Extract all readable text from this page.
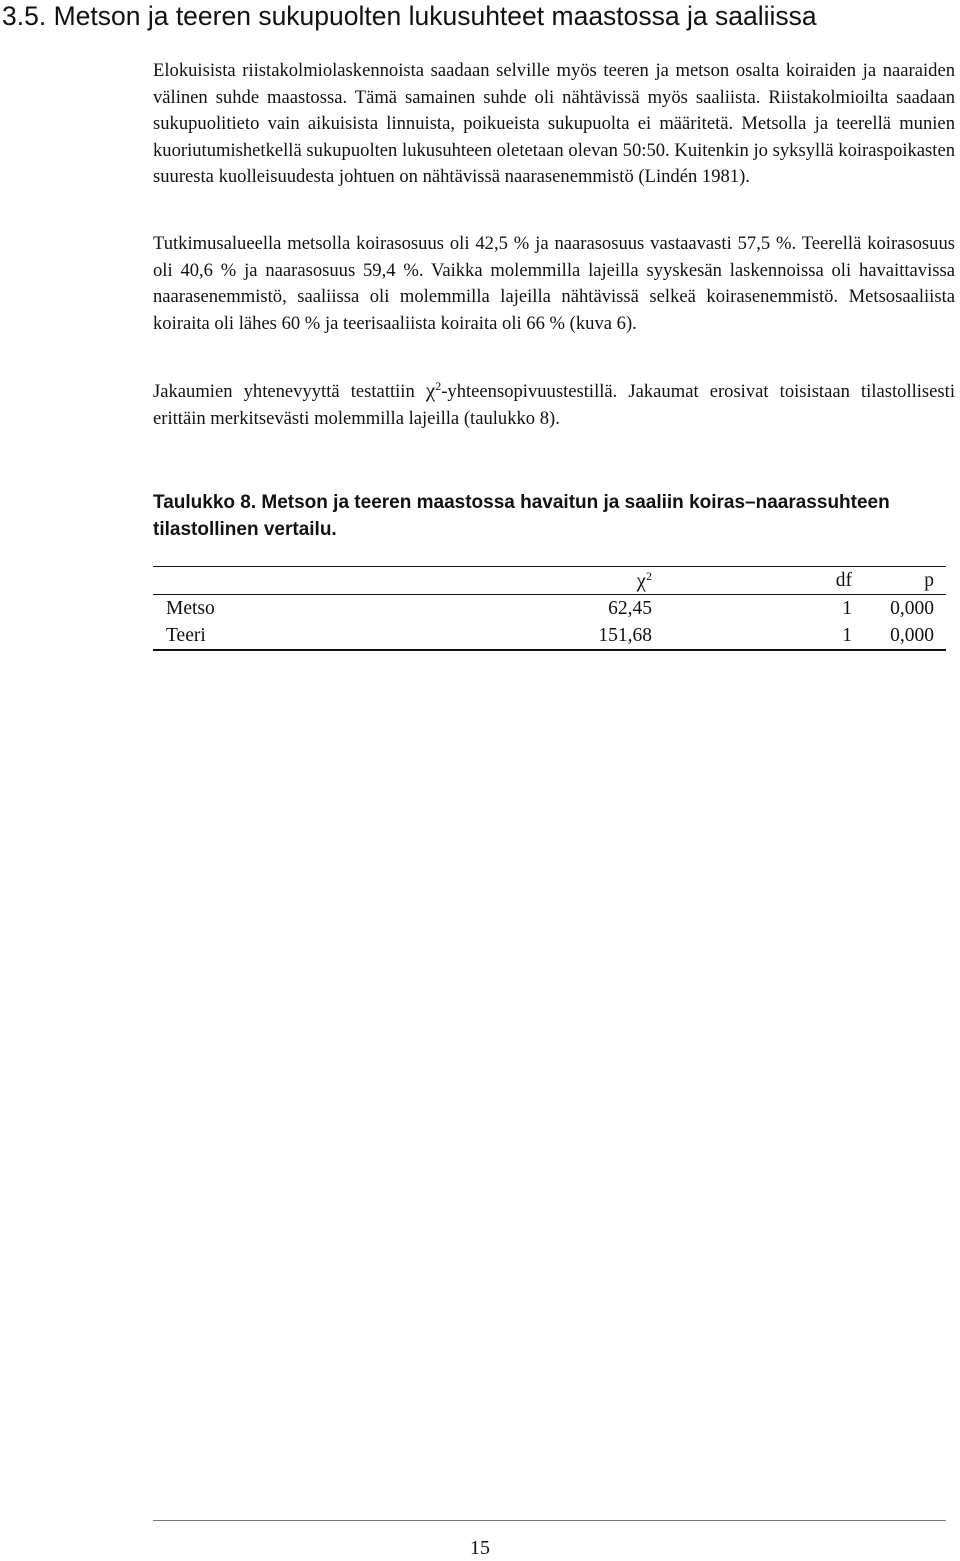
3.5. Metson ja teeren sukupuolten lukusuhteet maastossa ja saaliissa

Elokuisista riistakolmiolaskennoista saadaan selville myös teeren ja metson osalta koiraiden ja naaraiden välinen suhde maastossa. Tämä samainen suhde oli nähtävissä myös saaliista. Riistakolmioilta saadaan sukupuolitieto vain aikuisista linnuista, poikueista sukupuolta ei määritetä. Metsolla ja teerellä munien kuoriutumishetkellä sukupuolten lukusuhteen oletetaan olevan 50:50. Kuitenkin jo syksyllä koiraspoikasten suuresta kuolleisuudesta johtuen on nähtävissä naarasenemmistö (Lindén 1981).

Tutkimusalueella metsolla koirasosuus oli 42,5 % ja naarasosuus vastaavasti 57,5 %. Teerellä koirasosuus oli 40,6 % ja naarasosuus 59,4 %. Vaikka molemmilla lajeilla syyskesän laskennoissa oli havaittavissa naarasenemmistö, saaliissa oli molemmilla lajeilla nähtävissä selkeä koirasenemmistö. Metsosaaliista koiraita oli lähes 60 % ja teerisaaliista koiraita oli 66 % (kuva 6).

Jakaumien yhtenevyyttä testattiin $\chi^2$-yhteensopivuustestillä. Jakaumat erosivat toisistaan tilastollisesti erittäin merkitsevästi molemmilla lajeilla (taulukko 8).

Taulukko 8. Metson ja teeren maastossa havaitun ja saaliin koiras–naarassuhteen tilastollinen vertailu.

	$\chi^2$	df	p
Metso	62,45	1	0,000
Teeri	151,68	1	0,000
15
